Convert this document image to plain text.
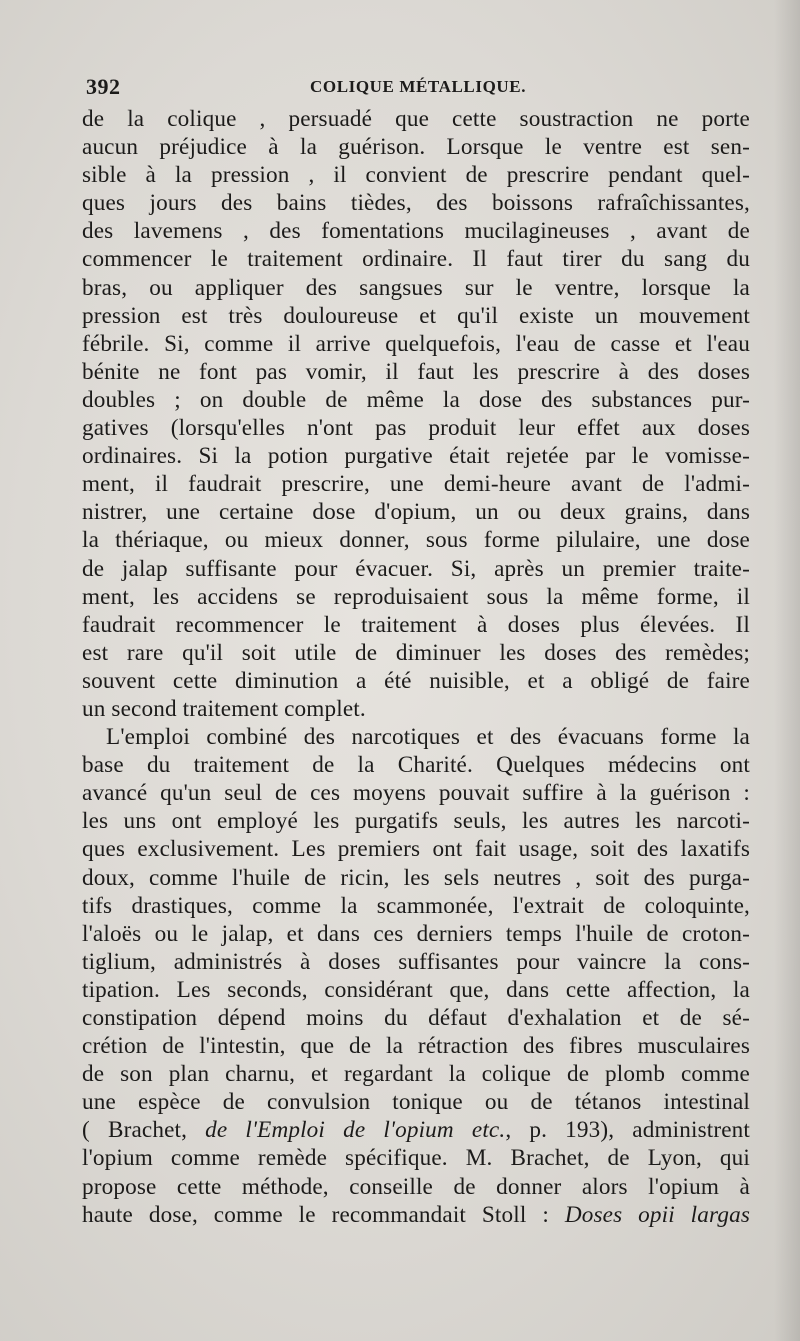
392	COLIQUE MÉTALLIQUE.
de la colique , persuadé que cette soustraction ne porte
aucun préjudice à la guérison. Lorsque le ventre est sen-
sible à la pression , il convient de prescrire pendant quel-
ques jours des bains tièdes, des boissons rafraîchissantes,
des lavemens , des fomentations mucilagineuses , avant de
commencer le traitement ordinaire. Il faut tirer du sang du
bras, ou appliquer des sangsues sur le ventre, lorsque la
pression est très douloureuse et qu'il existe un mouvement
fébrile. Si, comme il arrive quelquefois, l'eau de casse et l'eau
bénite ne font pas vomir, il faut les prescrire à des doses
doubles ; on double de même la dose des substances pur-
gatives (lorsqu'elles n'ont pas produit leur effet aux doses
ordinaires. Si la potion purgative était rejetée par le vomisse-
ment, il faudrait prescrire, une demi-heure avant de l'admi-
nistrer, une certaine dose d'opium, un ou deux grains, dans
la thériaque, ou mieux donner, sous forme pilulaire, une dose
de jalap suffisante pour évacuer. Si, après un premier traite-
ment, les accidens se reproduisaient sous la même forme, il
faudrait recommencer le traitement à doses plus élevées. Il
est rare qu'il soit utile de diminuer les doses des remèdes;
souvent cette diminution a été nuisible, et a obligé de faire
un second traitement complet.
L'emploi combiné des narcotiques et des évacuans forme la
base du traitement de la Charité. Quelques médecins ont
avancé qu'un seul de ces moyens pouvait suffire à la guérison :
les uns ont employé les purgatifs seuls, les autres les narcoti-
ques exclusivement. Les premiers ont fait usage, soit des laxatifs
doux, comme l'huile de ricin, les sels neutres , soit des purga-
tifs drastiques, comme la scammonée, l'extrait de coloquinte,
l'aloës ou le jalap, et dans ces derniers temps l'huile de croton-
tiglium, administrés à doses suffisantes pour vaincre la cons-
tipation. Les seconds, considérant que, dans cette affection, la
constipation dépend moins du défaut d'exhalation et de sé-
crétion de l'intestin, que de la rétraction des fibres musculaires
de son plan charnu, et regardant la colique de plomb comme
une espèce de convulsion tonique ou de tétanos intestinal
( Brachet, de l'Emploi de l'opium etc., p. 193), administrent
l'opium comme remède spécifique. M. Brachet, de Lyon, qui
propose cette méthode, conseille de donner alors l'opium à
haute dose, comme le recommandait Stoll : Doses opii largas
